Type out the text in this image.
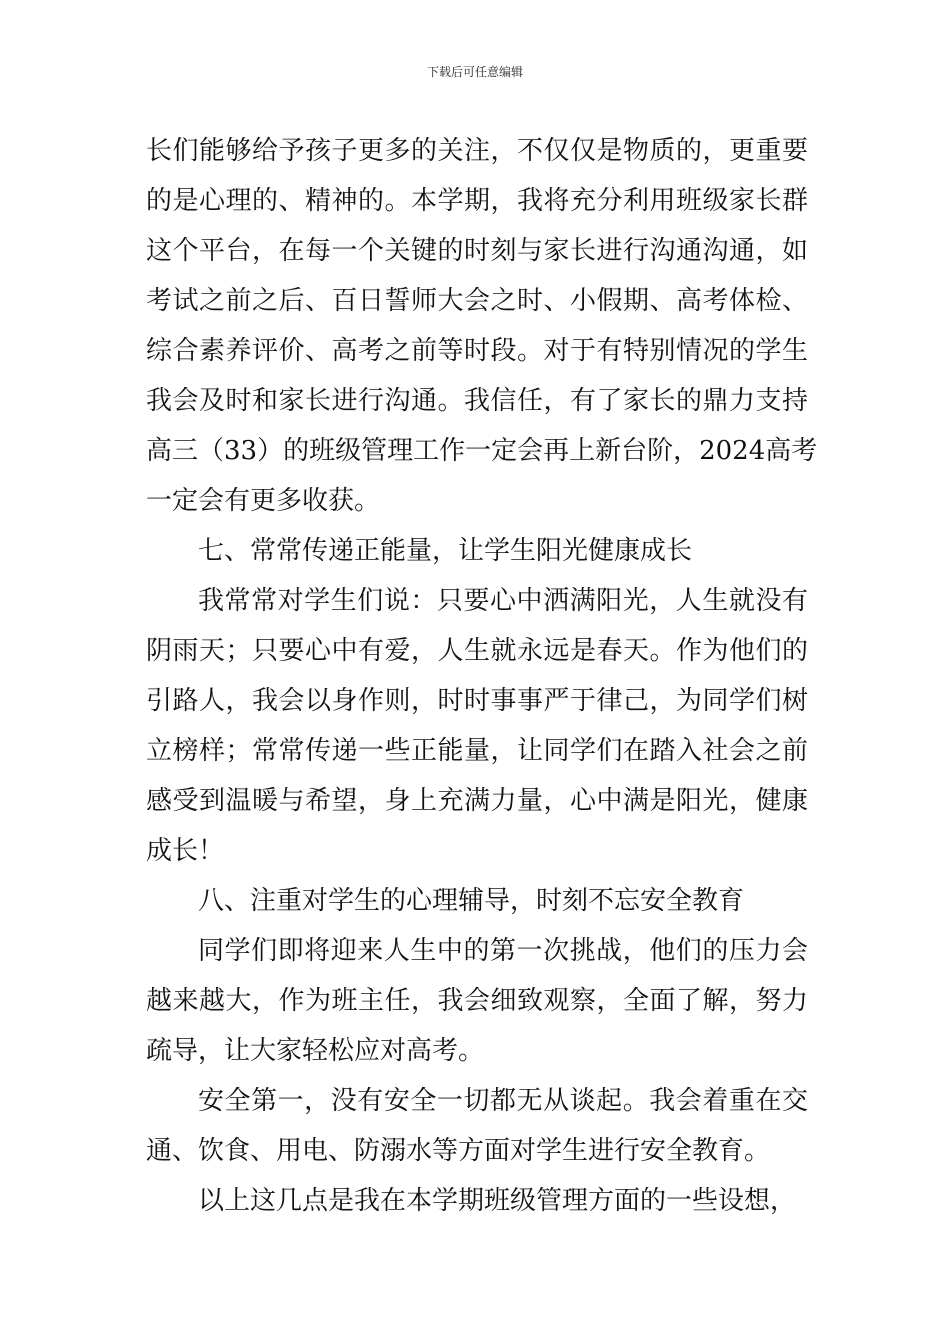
下载后可任意编辑
长们能够给予孩子更多的关注，不仅仅是物质的，更重要
的是心理的、精神的。本学期，我将充分利用班级家长群
这个平台，在每一个关键的时刻与家长进行沟通沟通，如
考试之前之后、百日誓师大会之时、小假期、高考体检、
综合素养评价、高考之前等时段。对于有特别情况的学生
我会及时和家长进行沟通。我信任，有了家长的鼎力支持
高三（33）的班级管理工作一定会再上新台阶，2024高考
一定会有更多收获。
七、常常传递正能量，让学生阳光健康成长
我常常对学生们说：只要心中洒满阳光，人生就没有
阴雨天；只要心中有爱，人生就永远是春天。作为他们的
引路人，我会以身作则，时时事事严于律己，为同学们树
立榜样；常常传递一些正能量，让同学们在踏入社会之前
感受到温暖与希望，身上充满力量，心中满是阳光，健康
成长！
八、注重对学生的心理辅导，时刻不忘安全教育
同学们即将迎来人生中的第一次挑战，他们的压力会
越来越大，作为班主任，我会细致观察，全面了解，努力
疏导，让大家轻松应对高考。
安全第一，没有安全一切都无从谈起。我会着重在交
通、饮食、用电、防溺水等方面对学生进行安全教育。
以上这几点是我在本学期班级管理方面的一些设想，
